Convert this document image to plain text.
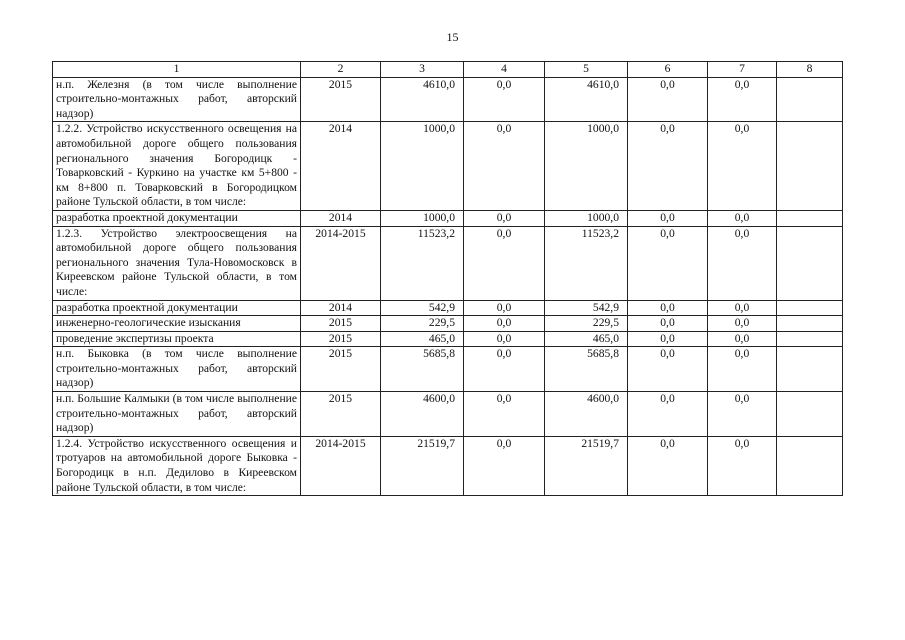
15
1	2	3	4	5	6	7	8
н.п. Железня (в том числе выполнение строительно-монтажных работ, авторский надзор)	2015	4610,0	0,0	4610,0	0,0	0,0	
1.2.2. Устройство искусственного освещения на автомобильной дороге общего пользования регионального значения Богородицк - Товарковский - Куркино на участке км 5+800 - км 8+800 п. Товарковский в Богородицком районе Тульской области, в том числе:	2014	1000,0	0,0	1000,0	0,0	0,0	
разработка проектной документации	2014	1000,0	0,0	1000,0	0,0	0,0	
1.2.3. Устройство электроосвещения на автомобильной дороге общего пользования регионального значения Тула-Новомосковск в Киреевском районе Тульской области, в том числе:	2014-2015	11523,2	0,0	11523,2	0,0	0,0	
разработка проектной документации	2014	542,9	0,0	542,9	0,0	0,0	
инженерно-геологические изыскания	2015	229,5	0,0	229,5	0,0	0,0	
проведение экспертизы проекта	2015	465,0	0,0	465,0	0,0	0,0	
н.п. Быковка (в том числе выполнение строительно-монтажных работ, авторский надзор)	2015	5685,8	0,0	5685,8	0,0	0,0	
н.п. Большие Калмыки (в том числе выполнение строительно-монтажных работ, авторский надзор)	2015	4600,0	0,0	4600,0	0,0	0,0	
1.2.4. Устройство искусственного освещения и тротуаров на автомобильной дороге Быковка - Богородицк в н.п. Дедилово в Киреевском районе Тульской области, в том числе:	2014-2015	21519,7	0,0	21519,7	0,0	0,0	
